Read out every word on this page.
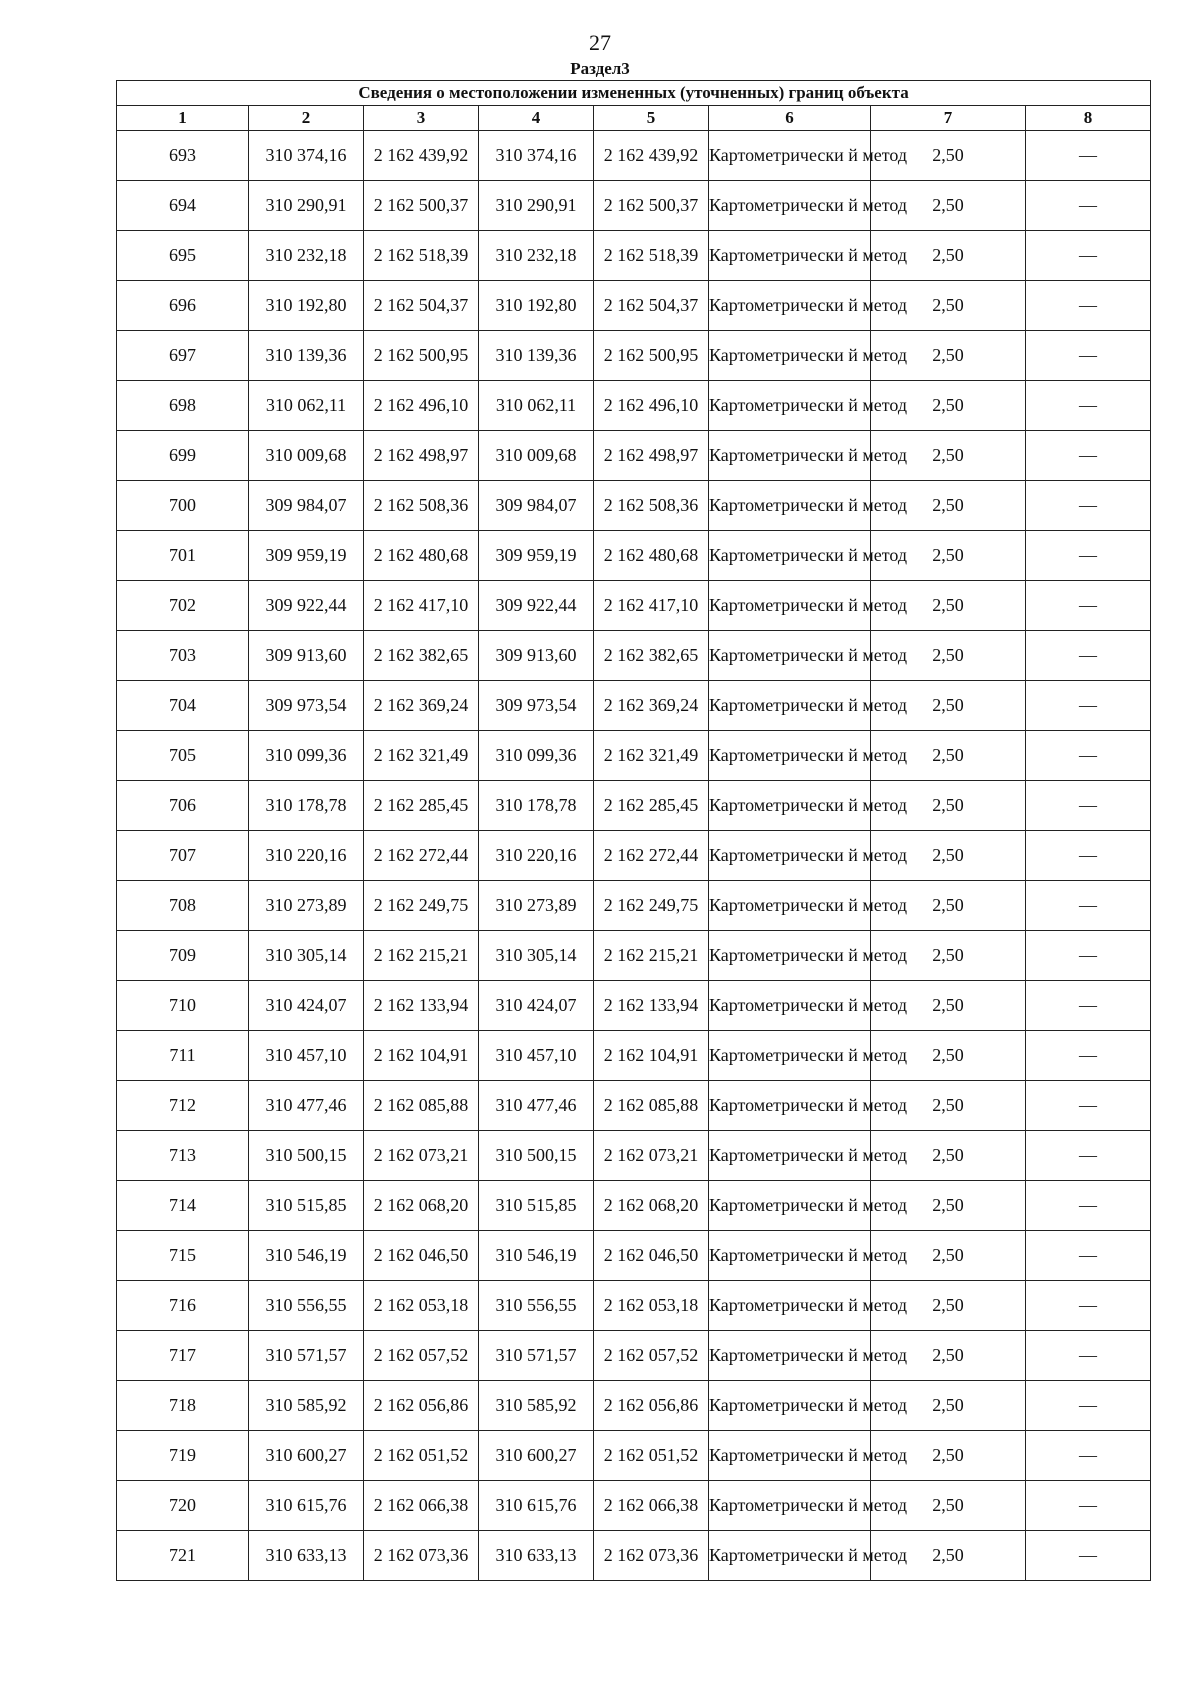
27
Раздел3
Сведения о местоположении измененных (уточненных) границ объекта							
1	2	3	4	5	6	7	8
693	310 374,16	2 162 439,92	310 374,16	2 162 439,92	Картометрически й метод	2,50	—
694	310 290,91	2 162 500,37	310 290,91	2 162 500,37	Картометрически й метод	2,50	—
695	310 232,18	2 162 518,39	310 232,18	2 162 518,39	Картометрически й метод	2,50	—
696	310 192,80	2 162 504,37	310 192,80	2 162 504,37	Картометрически й метод	2,50	—
697	310 139,36	2 162 500,95	310 139,36	2 162 500,95	Картометрически й метод	2,50	—
698	310 062,11	2 162 496,10	310 062,11	2 162 496,10	Картометрически й метод	2,50	—
699	310 009,68	2 162 498,97	310 009,68	2 162 498,97	Картометрически й метод	2,50	—
700	309 984,07	2 162 508,36	309 984,07	2 162 508,36	Картометрически й метод	2,50	—
701	309 959,19	2 162 480,68	309 959,19	2 162 480,68	Картометрически й метод	2,50	—
702	309 922,44	2 162 417,10	309 922,44	2 162 417,10	Картометрически й метод	2,50	—
703	309 913,60	2 162 382,65	309 913,60	2 162 382,65	Картометрически й метод	2,50	—
704	309 973,54	2 162 369,24	309 973,54	2 162 369,24	Картометрически й метод	2,50	—
705	310 099,36	2 162 321,49	310 099,36	2 162 321,49	Картометрически й метод	2,50	—
706	310 178,78	2 162 285,45	310 178,78	2 162 285,45	Картометрически й метод	2,50	—
707	310 220,16	2 162 272,44	310 220,16	2 162 272,44	Картометрически й метод	2,50	—
708	310 273,89	2 162 249,75	310 273,89	2 162 249,75	Картометрически й метод	2,50	—
709	310 305,14	2 162 215,21	310 305,14	2 162 215,21	Картометрически й метод	2,50	—
710	310 424,07	2 162 133,94	310 424,07	2 162 133,94	Картометрически й метод	2,50	—
711	310 457,10	2 162 104,91	310 457,10	2 162 104,91	Картометрически й метод	2,50	—
712	310 477,46	2 162 085,88	310 477,46	2 162 085,88	Картометрически й метод	2,50	—
713	310 500,15	2 162 073,21	310 500,15	2 162 073,21	Картометрически й метод	2,50	—
714	310 515,85	2 162 068,20	310 515,85	2 162 068,20	Картометрически й метод	2,50	—
715	310 546,19	2 162 046,50	310 546,19	2 162 046,50	Картометрически й метод	2,50	—
716	310 556,55	2 162 053,18	310 556,55	2 162 053,18	Картометрически й метод	2,50	—
717	310 571,57	2 162 057,52	310 571,57	2 162 057,52	Картометрически й метод	2,50	—
718	310 585,92	2 162 056,86	310 585,92	2 162 056,86	Картометрически й метод	2,50	—
719	310 600,27	2 162 051,52	310 600,27	2 162 051,52	Картометрически й метод	2,50	—
720	310 615,76	2 162 066,38	310 615,76	2 162 066,38	Картометрически й метод	2,50	—
721	310 633,13	2 162 073,36	310 633,13	2 162 073,36	Картометрически й метод	2,50	—
